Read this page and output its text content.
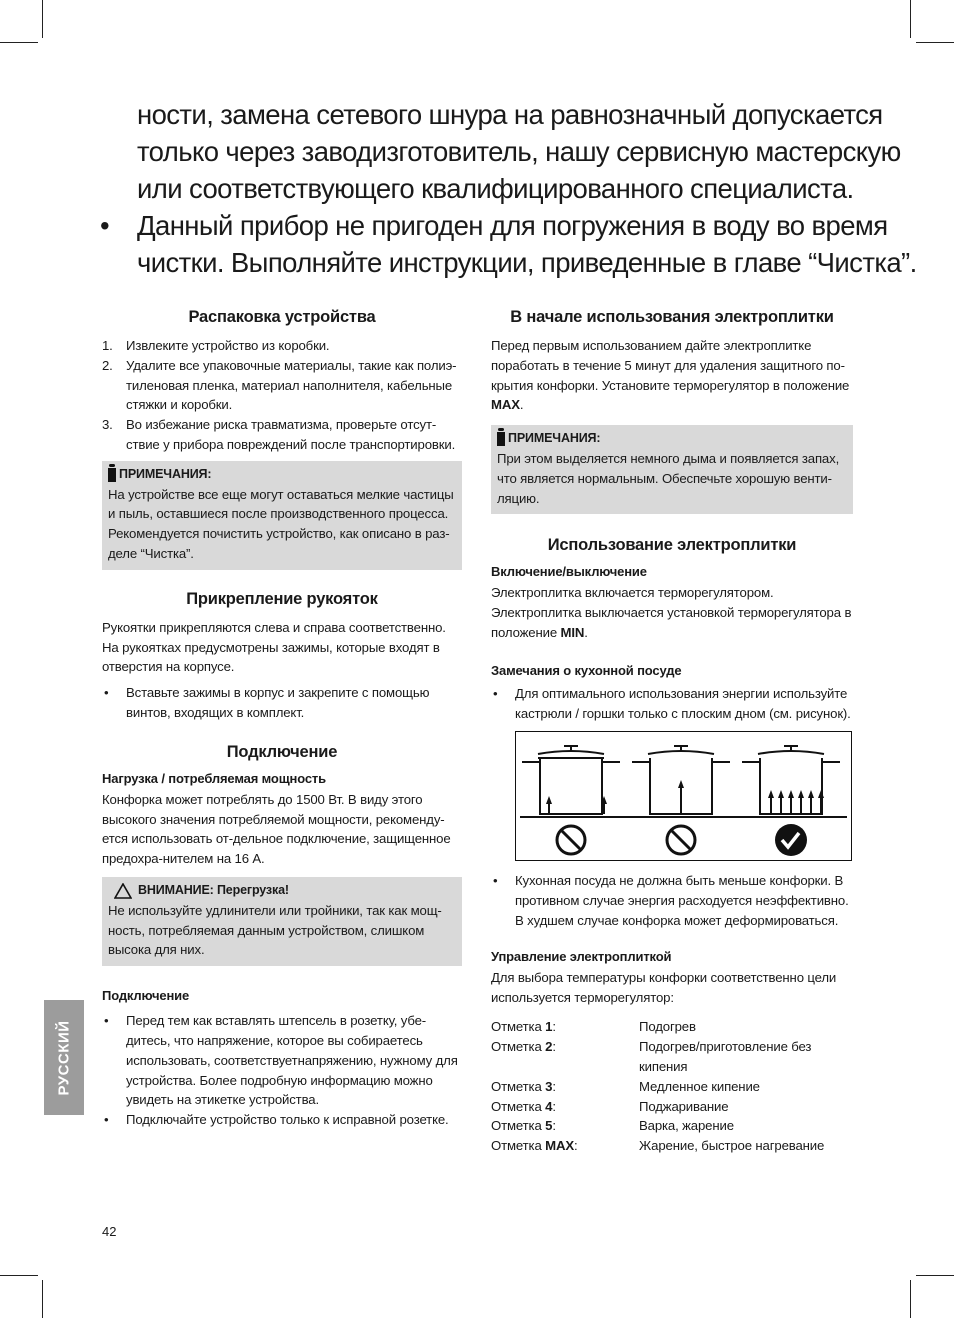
ности, замена сетевого шнура на равнозначный допускается
только через заводизготовитель, нашу сервисную мастерскую
или соответствующего квалифицированного специалиста.
• Данный прибор не пригоден для погружения в воду во время
чистки. Выполняйте инструкции, приведенные в главе “Чистка”.
Распаковка устройства
1. Извлеките устройство из коробки.
2. Удалите все упаковочные материалы, такие как полиэ-тиленовая пленка, материал наполнителя, кабельные стяжки и коробки.
3. Во избежание риска травматизма, проверьте отсут-ствие у прибора повреждений после транспортировки.
ПРИМЕЧАНИЯ:

На устройстве все еще могут оставаться мелкие частицы и пыль, оставшиеся после производственного процесса. Рекомендуется почистить устройство, как описано в раз-деле “Чистка”.

Прикрепление рукояток

Рукоятки прикрепляются слева и справа соответственно. На рукоятках предусмотрены зажимы, которые входят в отверстия на корпусе.

• Вставьте зажимы в корпус и закрепите с помощью винтов, входящих в комплект.
Подключение
Нагрузка / потребляемая мощность

Конфорка может потреблять до 1500 Вт. В виду этого высокого значения потребляемой мощности, рекоменду-ется использовать от-дельное подключение, защищенное предохра-нителем на 16 А.

ВНИМАНИЕ: Перегрузка!

Не используйте удлинители или тройники, так как мощ-ность, потребляемая данным устройством, слишком высока для них.

Подключение
• Перед тем как вставлять штепсель в розетку, убе-дитесь, что напряжение, которое вы собираетесь использовать, соответствуетнапряжению, нужному для устройства. Более подробную информацию можно увидеть на этикетке устройства.
• Подключайте устройство только к исправной розетке.
В начале использования электроплитки

Перед первым использованием дайте электроплитке поработать в течение 5 минут для удаления защитного по-крытия конфорки. Установите терморегулятор в положение MAX.

ПРИМЕЧАНИЯ:

При этом выделяется немного дыма и появляется запах, что является нормальным. Обеспечьте хорошую венти-ляцию.

Использование электроплитки
Включение/выключение

Электроплитка включается терморегулятором. Электроплитка выключается установкой терморегулятора в положение MIN.

Замечания о кухонной посуде
• Для оптимального использования энергии используйте кастрюли / горшки только с плоским дном (см. рисунок).
• Кухонная посуда не должна быть меньше конфорки. В противном случае энергия расходуется неэффективно. В худшем случае конфорка может деформироваться.
Управление электроплиткой

Для выбора температуры конфорки соответственно цели используется терморегулятор:

Отметка 1:	Подогрев
Отметка 2:	Подогрев/приготовление без кипения
Отметка 3:	Медленное кипение
Отметка 4:	Поджаривание
Отметка 5:	Варка, жарение
Отметка MAX:	Жарение, быстрое нагревание
РУССКИЙ
42
